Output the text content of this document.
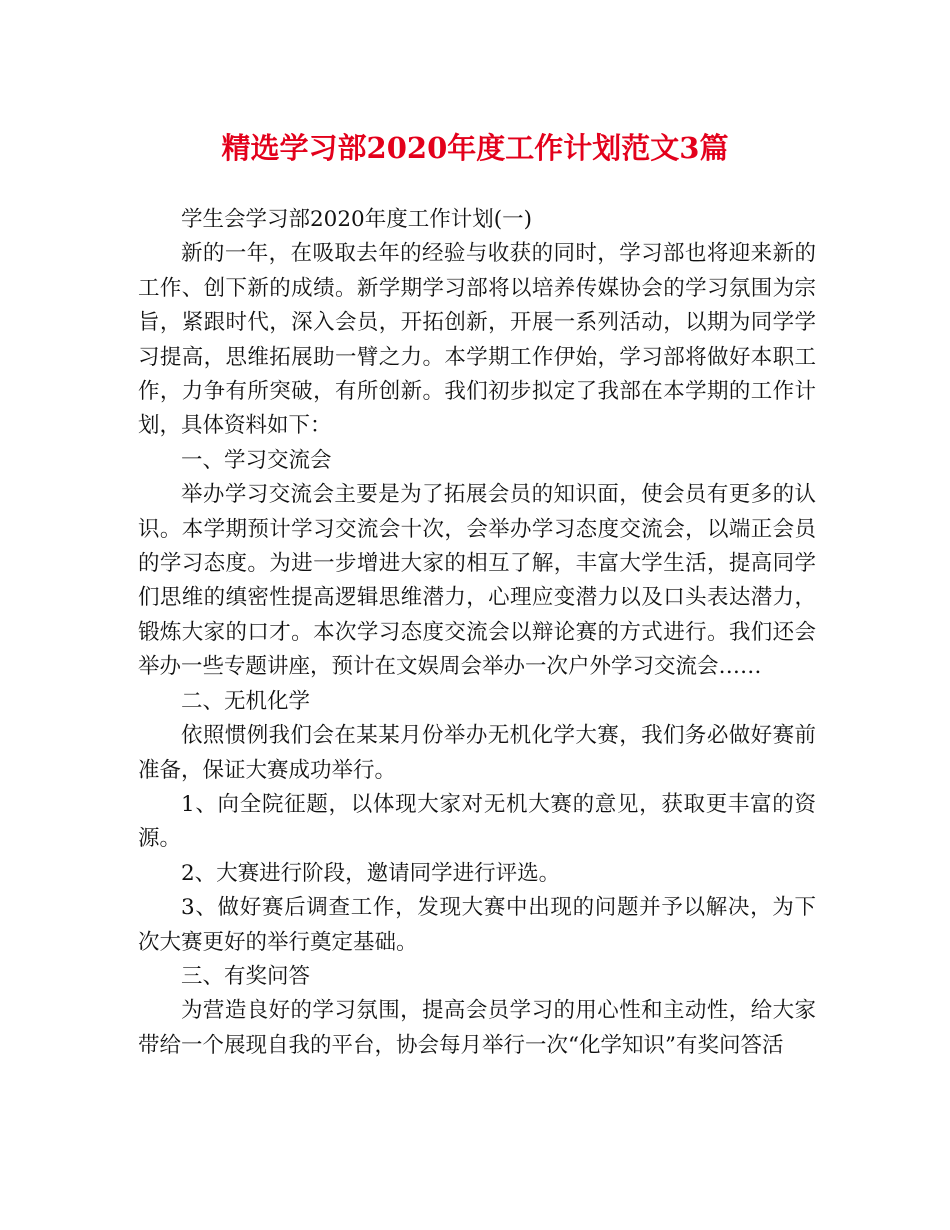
精选学习部2020年度工作计划范文3篇

学生会学习部2020年度工作计划(一)

新的一年，在吸取去年的经验与收获的同时，学习部也将迎来新的工作、创下新的成绩。新学期学习部将以培养传媒协会的学习氛围为宗旨，紧跟时代，深入会员，开拓创新，开展一系列活动，以期为同学学习提高，思维拓展助一臂之力。本学期工作伊始，学习部将做好本职工作，力争有所突破，有所创新。我们初步拟定了我部在本学期的工作计划，具体资料如下：

一、学习交流会

举办学习交流会主要是为了拓展会员的知识面，使会员有更多的认识。本学期预计学习交流会十次，会举办学习态度交流会，以端正会员的学习态度。为进一步增进大家的相互了解，丰富大学生活，提高同学们思维的缜密性提高逻辑思维潜力，心理应变潜力以及口头表达潜力，锻炼大家的口才。本次学习态度交流会以辩论赛的方式进行。我们还会举办一些专题讲座，预计在文娱周会举办一次户外学习交流会……

二、无机化学

依照惯例我们会在某某月份举办无机化学大赛，我们务必做好赛前准备，保证大赛成功举行。

1、向全院征题，以体现大家对无机大赛的意见，获取更丰富的资源。

2、大赛进行阶段，邀请同学进行评选。

3、做好赛后调查工作，发现大赛中出现的问题并予以解决，为下次大赛更好的举行奠定基础。

三、有奖问答

为营造良好的学习氛围，提高会员学习的用心性和主动性，给大家带给一个展现自我的平台，协会每月举行一次“化学知识”有奖问答活
